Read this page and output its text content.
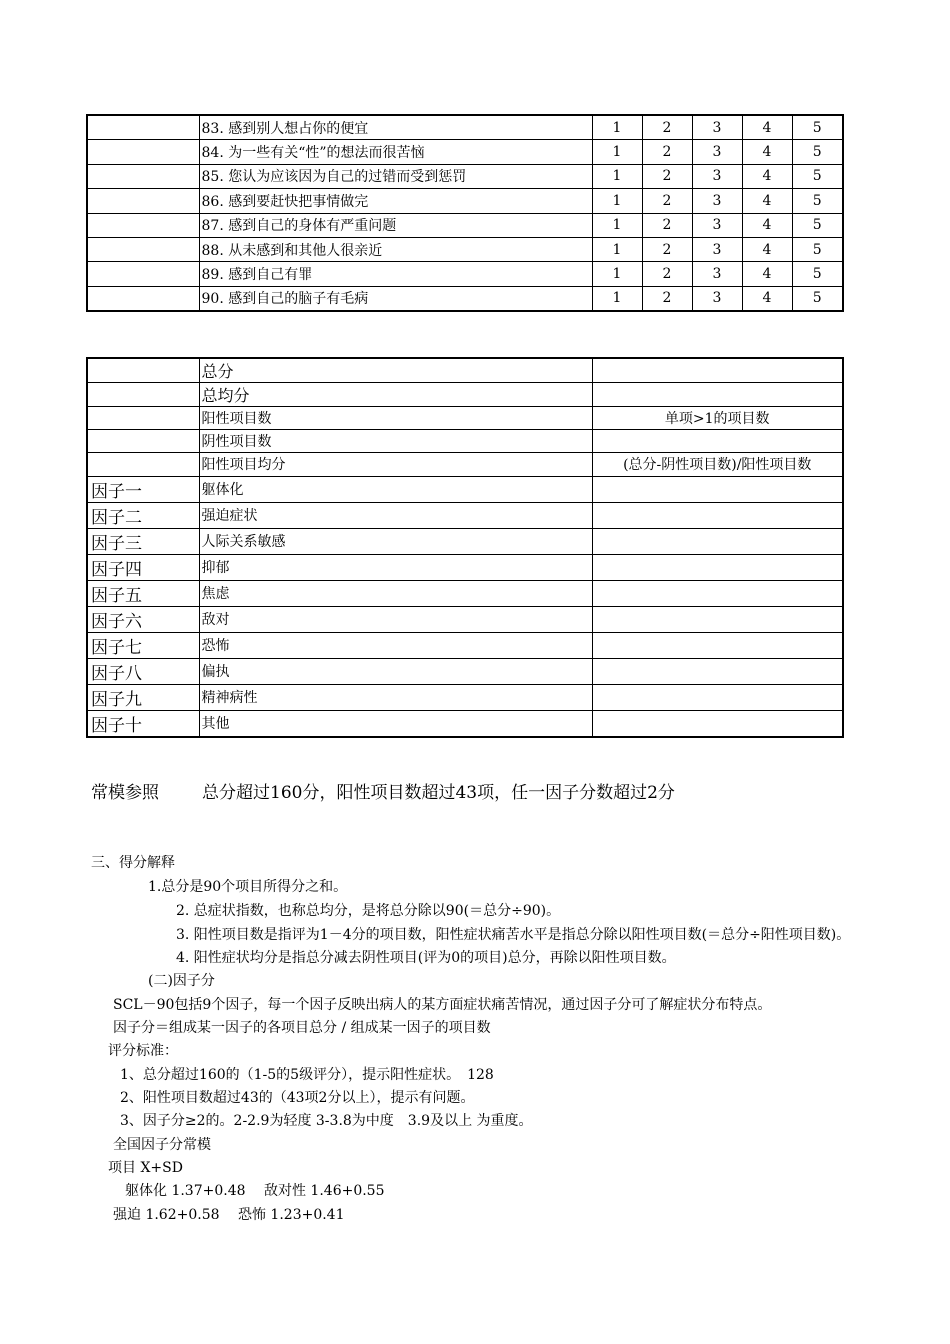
	83. 感到别人想占你的便宜	1	2	3	4	5
	84. 为一些有关“性”的想法而很苦恼	1	2	3	4	5
	85. 您认为应该因为自己的过错而受到惩罚	1	2	3	4	5
	86. 感到要赶快把事情做完	1	2	3	4	5
	87. 感到自己的身体有严重问题	1	2	3	4	5
	88. 从未感到和其他人很亲近	1	2	3	4	5
	89. 感到自己有罪	1	2	3	4	5
	90. 感到自己的脑子有毛病	1	2	3	4	5
	总分	
	总均分	
	阳性项目数	单项>1的项目数
	阴性项目数	
	阳性项目均分	(总分-阴性项目数)/阳性项目数
因子一	躯体化	
因子二	强迫症状	
因子三	人际关系敏感	
因子四	抑郁	
因子五	焦虑	
因子六	敌对	
因子七	恐怖	
因子八	偏执	
因子九	精神病性	
因子十	其他	
常模参照	总分超过160分，阳性项目数超过43项，任一因子分数超过2分
三、得分解释
1.总分是90个项目所得分之和。
2. 总症状指数，也称总均分，是将总分除以90(＝总分÷90)。
3. 阳性项目数是指评为1－4分的项目数，阳性症状痛苦水平是指总分除以阳性项目数(＝总分÷阳性项目数)。
4. 阳性症状均分是指总分减去阴性项目(评为0的项目)总分，再除以阳性项目数。
(二)因子分
SCL－90包括9个因子，每一个因子反映出病人的某方面症状痛苦情况，通过因子分可了解症状分布特点。
因子分＝组成某一因子的各项目总分 / 组成某一因子的项目数
评分标准：
1、总分超过160的（1-5的5级评分），提示阳性症状。　128
2、阳性项目数超过43的（43项2分以上），提示有问题。
3、因子分≥2的。2-2.9为轻度 3-3.8为中度　3.9及以上 为重度。
全国因子分常模
项目 X+SD
躯体化 1.37+0.48　 敌对性 1.46+0.55
强迫 1.62+0.58　 恐怖 1.23+0.41
